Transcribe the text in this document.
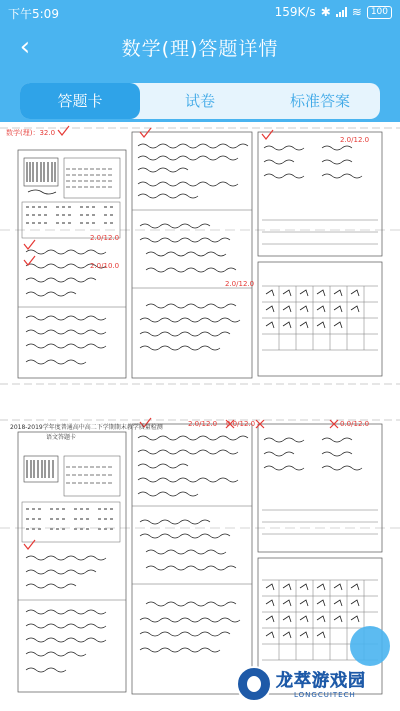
下午5:09	159K/s ✱ ≋	100
‹	数学(理)答题详情
答题卡	试卷	标准答案
数学(理)：32.0
2.0/12.0
2.0/12.0
2.0/10.0
2.0/12.0
2018-2019学年度普通高中高二下学期期末教学质量检测
语文答题卡
2.0/12.0 0.0/12.0	0.0/12.0
龙萃游戏园
LONGCUITECH
